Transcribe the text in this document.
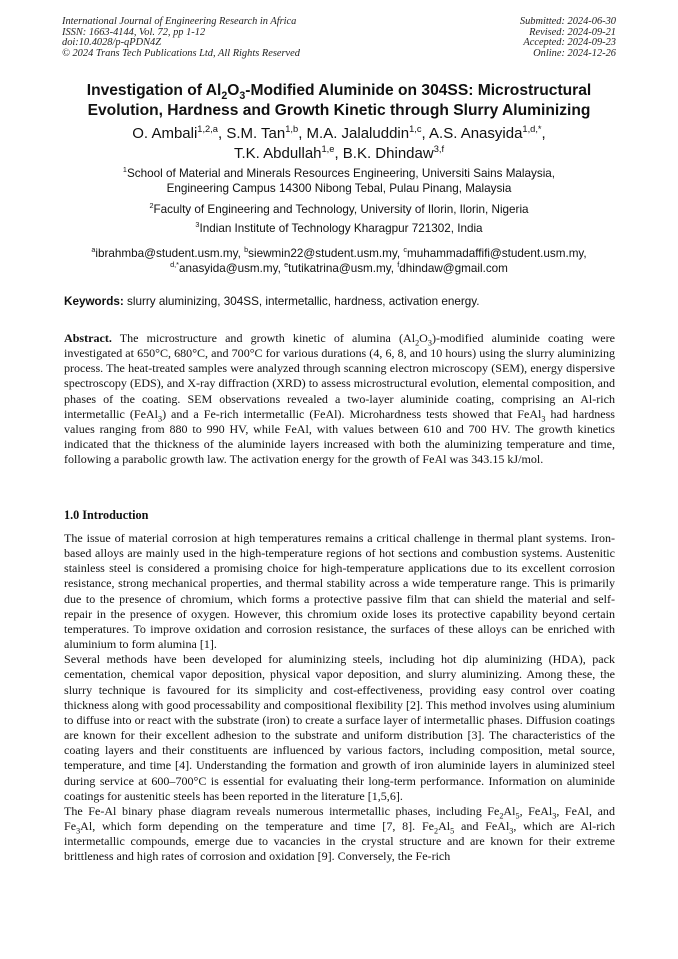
International Journal of Engineering Research in Africa
ISSN: 1663-4144, Vol. 72, pp 1-12
doi:10.4028/p-qPDN4Z
© 2024 Trans Tech Publications Ltd, All Rights Reserved
Submitted: 2024-06-30
Revised: 2024-09-21
Accepted: 2024-09-23
Online: 2024-12-26
Investigation of $Al_2O_3$-Modified Aluminide on 304SS: Microstructural
Evolution, Hardness and Growth Kinetic through Slurry Aluminizing
O. Ambali$^{1,2,a}$, S.M. Tan$^{1,b}$, M.A. Jalaluddin$^{1,c}$, A.S. Anasyida$^{1,d,*}$,
T.K. Abdullah$^{1,e}$, B.K. Dhindaw$^{3,f}$
$^1$School of Material and Minerals Resources Engineering, Universiti Sains Malaysia,
Engineering Campus 14300 Nibong Tebal, Pulau Pinang, Malaysia
$^2$Faculty of Engineering and Technology, University of Ilorin, Ilorin, Nigeria
$^3$Indian Institute of Technology Kharagpur 721302, India
$^a$ibrahmba@student.usm.my, $^b$siewmin22@student.usm.my, $^c$muhammadaffifi@student.usm.my,
$^{d,*}$anasyida@usm.my, $^e$tutikatrina@usm.my, $^f$dhindaw@gmail.com
Keywords: slurry aluminizing, 304SS, intermetallic, hardness, activation energy.
Abstract. The microstructure and growth kinetic of alumina $(Al_2O_3)$-modified aluminide coating were investigated at 650°C, 680°C, and 700°C for various durations (4, 6, 8, and 10 hours) using the slurry aluminizing process. The heat-treated samples were analyzed through scanning electron microscopy (SEM), energy dispersive spectroscopy (EDS), and X-ray diffraction (XRD) to assess microstructural evolution, elemental composition, and phases of the coating. SEM observations revealed a two-layer aluminide coating, comprising an Al-rich intermetallic (FeAl$_3$) and a Fe-rich intermetallic (FeAl). Microhardness tests showed that FeAl$_3$ had hardness values ranging from 880 to 990 HV, while FeAl, with values between 610 and 700 HV. The growth kinetics indicated that the thickness of the aluminide layers increased with both the aluminizing temperature and time, following a parabolic growth law. The activation energy for the growth of FeAl was 343.15 kJ/mol.
1.0 Introduction

The issue of material corrosion at high temperatures remains a critical challenge in thermal plant systems. Iron-based alloys are mainly used in the high-temperature regions of hot sections and combustion systems. Austenitic stainless steel is considered a promising choice for high-temperature applications due to its excellent corrosion resistance, strong mechanical properties, and thermal stability across a wide temperature range. This is primarily due to the presence of chromium, which forms a protective passive film that can shield the material and self-repair in the presence of oxygen. However, this chromium oxide loses its protective capability beyond certain temperatures. To improve oxidation and corrosion resistance, the surfaces of these alloys can be enriched with aluminium to form alumina [1].

Several methods have been developed for aluminizing steels, including hot dip aluminizing (HDA), pack cementation, chemical vapor deposition, physical vapor deposition, and slurry aluminizing. Among these, the slurry technique is favoured for its simplicity and cost-effectiveness, providing easy control over coating thickness along with good processability and compositional flexibility [2]. This method involves using aluminium to diffuse into or react with the substrate (iron) to create a surface layer of intermetallic phases. Diffusion coatings are known for their excellent adhesion to the substrate and uniform distribution [3]. The characteristics of the coating layers and their constituents are influenced by various factors, including composition, metal source, temperature, and time [4]. Understanding the formation and growth of iron aluminide layers in aluminized steel during service at 600–700°C is essential for evaluating their long-term performance. Information on aluminide coatings for austenitic steels has been reported in the literature [1,5,6].

The Fe-Al binary phase diagram reveals numerous intermetallic phases, including $Fe_2Al_5$, FeAl$_3$, FeAl, and $Fe_3Al$, which form depending on the temperature and time [7, 8]. $Fe_2Al_5$ and FeAl$_3$, which are Al-rich intermetallic compounds, emerge due to vacancies in the crystal structure and are known for their extreme brittleness and high rates of corrosion and oxidation [9]. Conversely, the Fe-rich
